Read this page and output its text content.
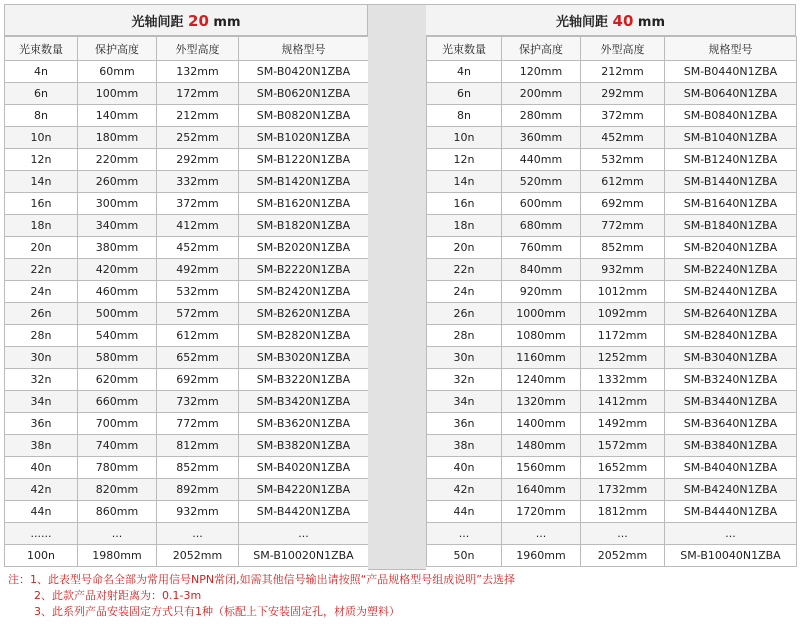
光轴间距 20 mm
光束数量	保护高度	外型高度	规格型号
4n	60mm	132mm	SM-B0420N1ZBA
6n	100mm	172mm	SM-B0620N1ZBA
8n	140mm	212mm	SM-B0820N1ZBA
10n	180mm	252mm	SM-B1020N1ZBA
12n	220mm	292mm	SM-B1220N1ZBA
14n	260mm	332mm	SM-B1420N1ZBA
16n	300mm	372mm	SM-B1620N1ZBA
18n	340mm	412mm	SM-B1820N1ZBA
20n	380mm	452mm	SM-B2020N1ZBA
22n	420mm	492mm	SM-B2220N1ZBA
24n	460mm	532mm	SM-B2420N1ZBA
26n	500mm	572mm	SM-B2620N1ZBA
28n	540mm	612mm	SM-B2820N1ZBA
30n	580mm	652mm	SM-B3020N1ZBA
32n	620mm	692mm	SM-B3220N1ZBA
34n	660mm	732mm	SM-B3420N1ZBA
36n	700mm	772mm	SM-B3620N1ZBA
38n	740mm	812mm	SM-B3820N1ZBA
40n	780mm	852mm	SM-B4020N1ZBA
42n	820mm	892mm	SM-B4220N1ZBA
44n	860mm	932mm	SM-B4420N1ZBA
......	...	...	...
100n	1980mm	2052mm	SM-B10020N1ZBA
光轴间距 40 mm
光束数量	保护高度	外型高度	规格型号
4n	120mm	212mm	SM-B0440N1ZBA
6n	200mm	292mm	SM-B0640N1ZBA
8n	280mm	372mm	SM-B0840N1ZBA
10n	360mm	452mm	SM-B1040N1ZBA
12n	440mm	532mm	SM-B1240N1ZBA
14n	520mm	612mm	SM-B1440N1ZBA
16n	600mm	692mm	SM-B1640N1ZBA
18n	680mm	772mm	SM-B1840N1ZBA
20n	760mm	852mm	SM-B2040N1ZBA
22n	840mm	932mm	SM-B2240N1ZBA
24n	920mm	1012mm	SM-B2440N1ZBA
26n	1000mm	1092mm	SM-B2640N1ZBA
28n	1080mm	1172mm	SM-B2840N1ZBA
30n	1160mm	1252mm	SM-B3040N1ZBA
32n	1240mm	1332mm	SM-B3240N1ZBA
34n	1320mm	1412mm	SM-B3440N1ZBA
36n	1400mm	1492mm	SM-B3640N1ZBA
38n	1480mm	1572mm	SM-B3840N1ZBA
40n	1560mm	1652mm	SM-B4040N1ZBA
42n	1640mm	1732mm	SM-B4240N1ZBA
44n	1720mm	1812mm	SM-B4440N1ZBA
...	...	...	...
50n	1960mm	2052mm	SM-B10040N1ZBA
注：1、此表型号命名全部为常用信号NPN常闭,如需其他信号输出请按照“产品规格型号组成说明”去选择
2、此款产品对射距离为：0.1-3m
3、此系列产品安装固定方式只有1种（标配上下安装固定孔，材质为塑料）
